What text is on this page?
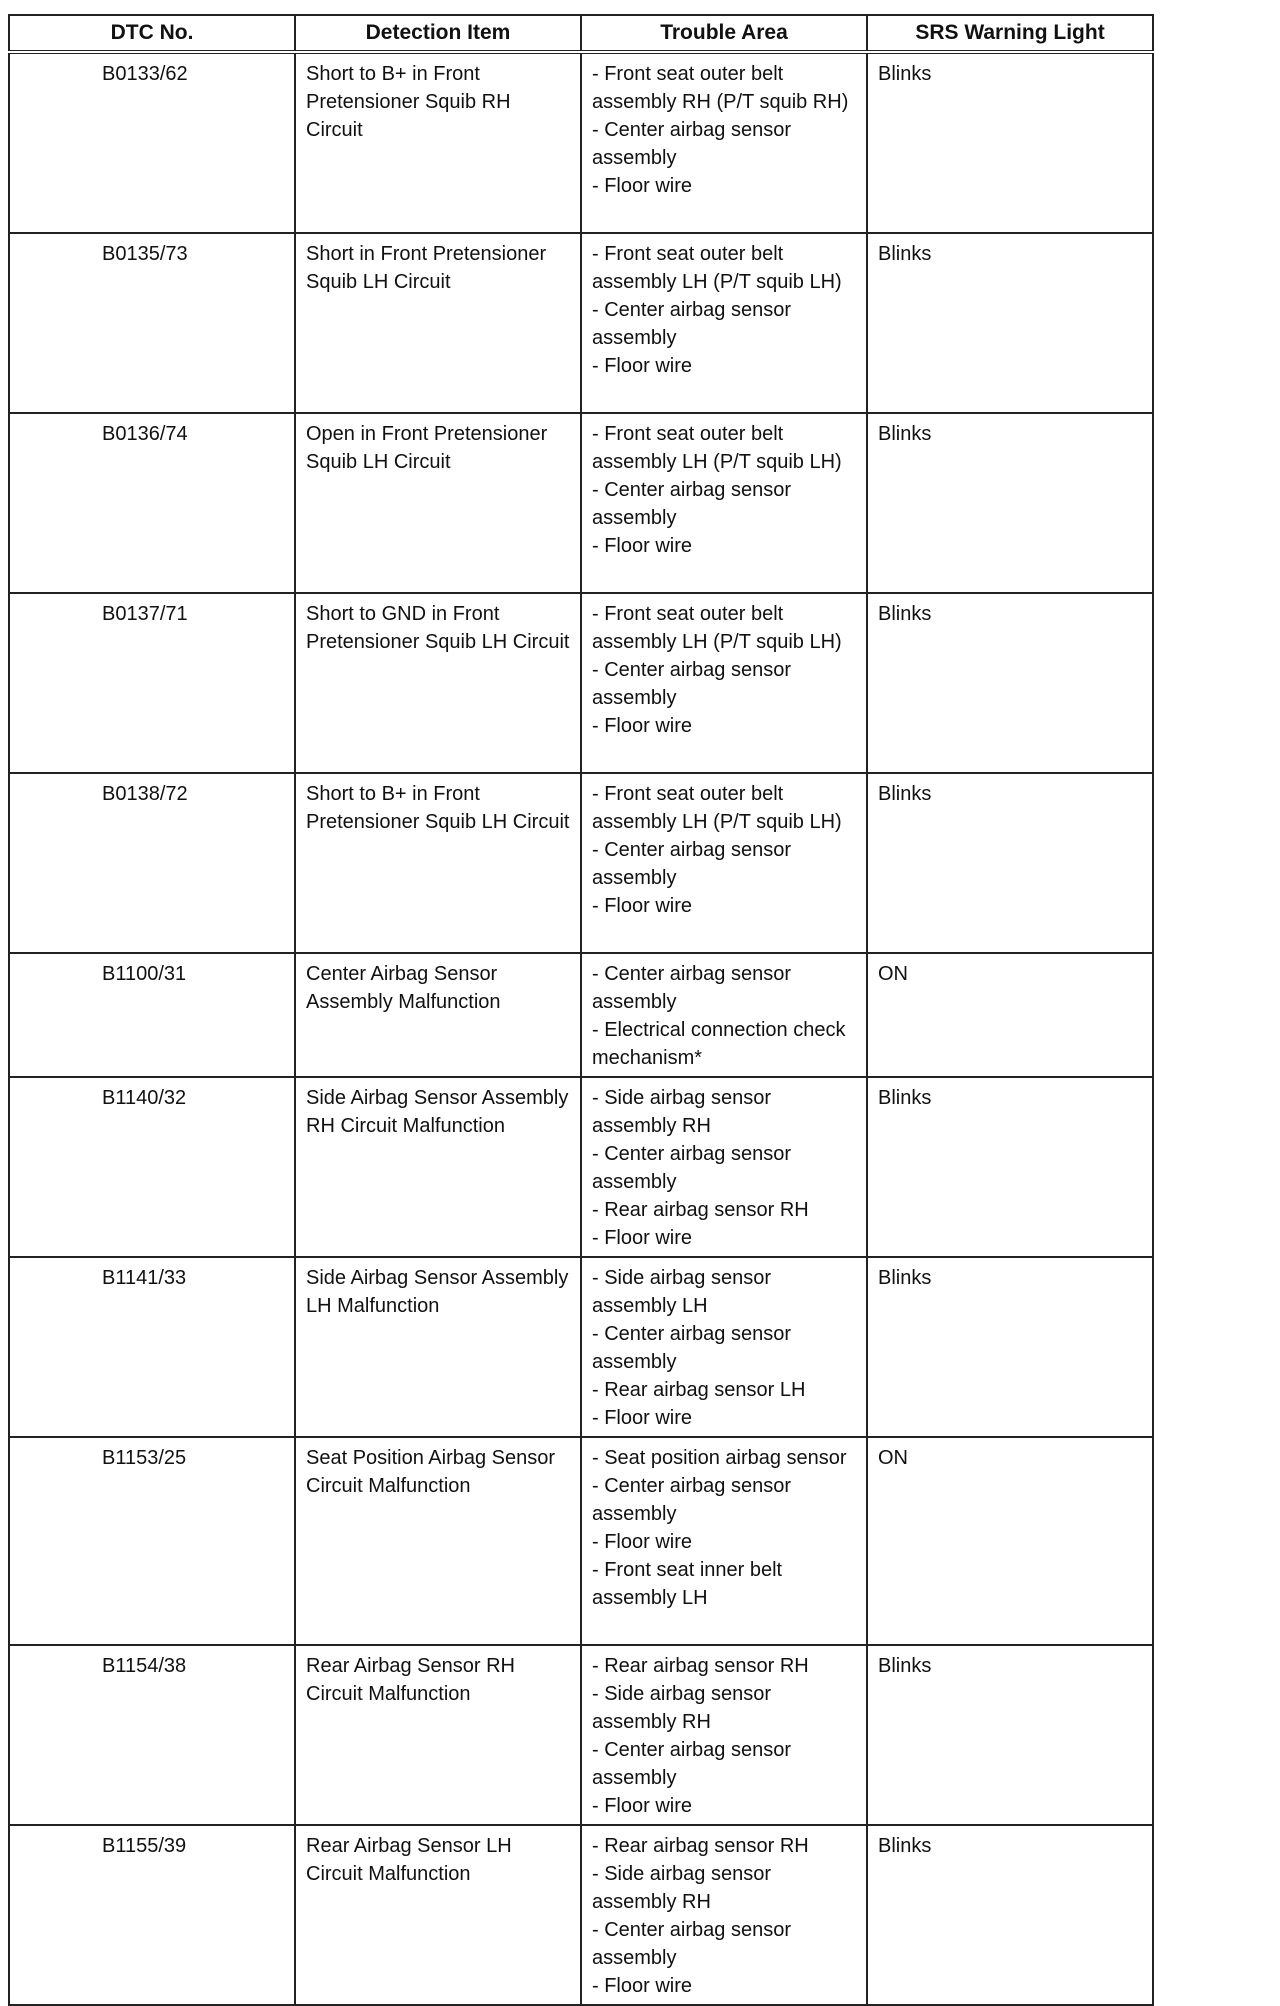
DTC No.	Detection Item	Trouble Area	SRS Warning Light
B0133/62	Short to B+ in Front Pretensioner Squib RH Circuit	- Front seat outer belt assembly RH (P/T squib RH)
- Center airbag sensor assembly
- Floor wire	Blinks
B0135/73	Short in Front Pretensioner Squib LH Circuit	- Front seat outer belt assembly LH (P/T squib LH)
- Center airbag sensor assembly
- Floor wire	Blinks
B0136/74	Open in Front Pretensioner Squib LH Circuit	- Front seat outer belt assembly LH (P/T squib LH)
- Center airbag sensor assembly
- Floor wire	Blinks
B0137/71	Short to GND in Front Pretensioner Squib LH Circuit	- Front seat outer belt assembly LH (P/T squib LH)
- Center airbag sensor assembly
- Floor wire	Blinks
B0138/72	Short to B+ in Front Pretensioner Squib LH Circuit	- Front seat outer belt assembly LH (P/T squib LH)
- Center airbag sensor assembly
- Floor wire	Blinks
B1100/31	Center Airbag Sensor Assembly Malfunction	- Center airbag sensor assembly
- Electrical connection check mechanism*	ON
B1140/32	Side Airbag Sensor Assembly RH Circuit Malfunction	- Side airbag sensor assembly RH
- Center airbag sensor assembly
- Rear airbag sensor RH
- Floor wire	Blinks
B1141/33	Side Airbag Sensor Assembly LH Malfunction	- Side airbag sensor assembly LH
- Center airbag sensor assembly
- Rear airbag sensor LH
- Floor wire	Blinks
B1153/25	Seat Position Airbag Sensor Circuit Malfunction	- Seat position airbag sensor
- Center airbag sensor assembly
- Floor wire
- Front seat inner belt assembly LH	ON
B1154/38	Rear Airbag Sensor RH Circuit Malfunction	- Rear airbag sensor RH
- Side airbag sensor assembly RH
- Center airbag sensor assembly
- Floor wire	Blinks
B1155/39	Rear Airbag Sensor LH Circuit Malfunction	- Rear airbag sensor RH
- Side airbag sensor assembly RH
- Center airbag sensor assembly
- Floor wire	Blinks
